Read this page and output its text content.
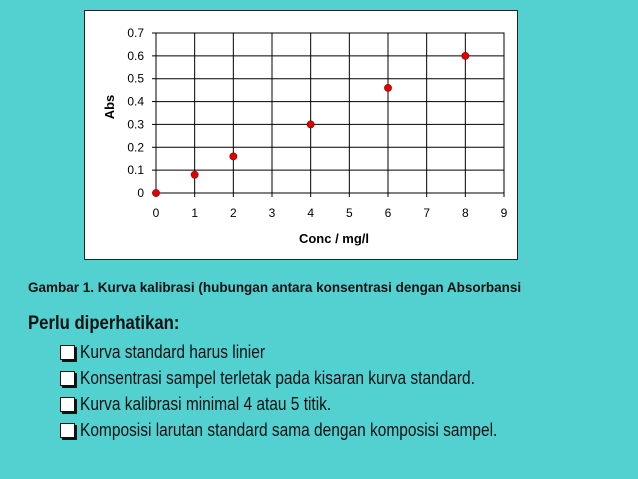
0
0.1
0.2
0.3
0.4
0.5
0.6
0.7
0	1	2	3	4	5	6	7	8	9
Conc / mg/l
Abs
Gambar 1. Kurva kalibrasi (hubungan antara konsentrasi dengan Absorbansi
Perlu diperhatikan:
Kurva standard harus linier
Konsentrasi sampel terletak pada kisaran kurva standard.
Kurva kalibrasi minimal 4 atau 5 titik.
Komposisi larutan standard sama dengan komposisi sampel.
